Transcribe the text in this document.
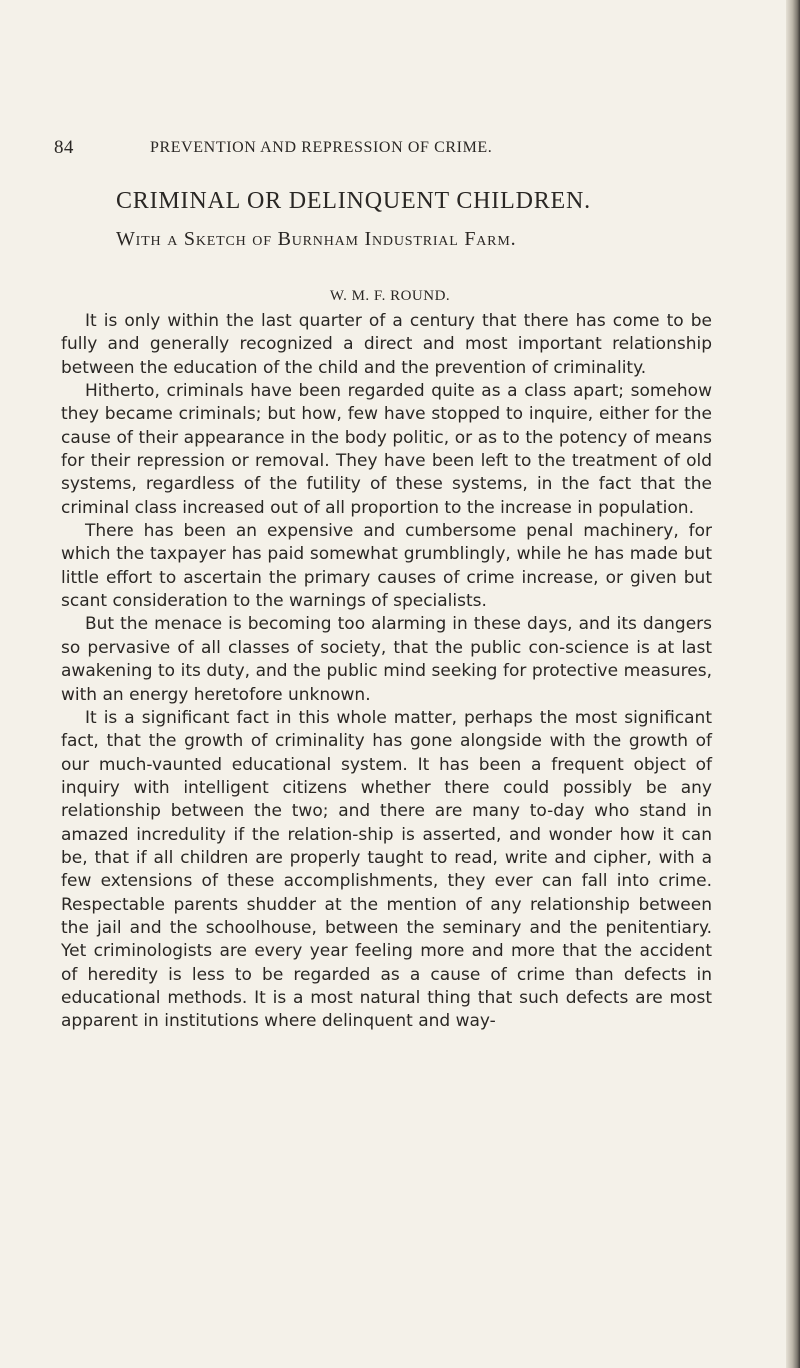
84	PREVENTION AND REPRESSION OF CRIME.
CRIMINAL OR DELINQUENT CHILDREN.
With a Sketch of Burnham Industrial Farm.
W. M. F. ROUND.

It is only within the last quarter of a century that there has come to be fully and generally recognized a direct and most important relationship between the education of the child and the prevention of criminality.

Hitherto, criminals have been regarded quite as a class apart; somehow they became criminals; but how, few have stopped to inquire, either for the cause of their appearance in the body politic, or as to the potency of means for their repression or removal. They have been left to the treatment of old systems, regardless of the futility of these systems, in the fact that the criminal class increased out of all proportion to the increase in population.

There has been an expensive and cumbersome penal machinery, for which the taxpayer has paid somewhat grumblingly, while he has made but little effort to ascertain the primary causes of crime increase, or given but scant consideration to the warnings of specialists.

But the menace is becoming too alarming in these days, and its dangers so pervasive of all classes of society, that the public con-science is at last awakening to its duty, and the public mind seeking for protective measures, with an energy heretofore unknown.

It is a significant fact in this whole matter, perhaps the most significant fact, that the growth of criminality has gone alongside with the growth of our much-vaunted educational system. It has been a frequent object of inquiry with intelligent citizens whether there could possibly be any relationship between the two; and there are many to-day who stand in amazed incredulity if the relation-ship is asserted, and wonder how it can be, that if all children are properly taught to read, write and cipher, with a few extensions of these accomplishments, they ever can fall into crime. Respectable parents shudder at the mention of any relationship between the jail and the schoolhouse, between the seminary and the penitentiary. Yet criminologists are every year feeling more and more that the accident of heredity is less to be regarded as a cause of crime than defects in educational methods. It is a most natural thing that such defects are most apparent in institutions where delinquent and way-
